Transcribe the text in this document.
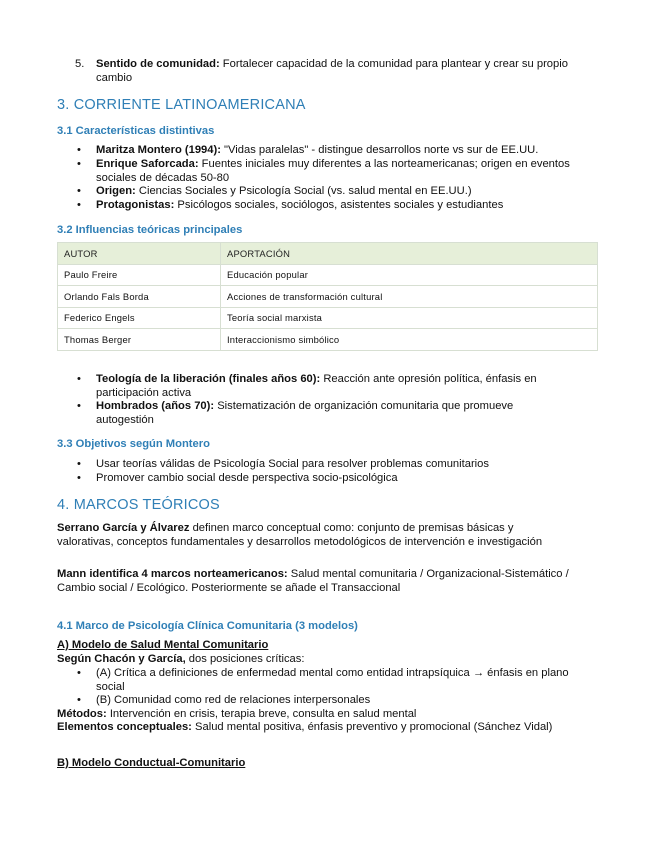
5. Sentido de comunidad: Fortalecer capacidad de la comunidad para plantear y crear su propio
cambio
3. CORRIENTE LATINOAMERICANA
3.1 Características distintivas
• Maritza Montero (1994): "Vidas paralelas" - distingue desarrollos norte vs sur de EE.UU.
• Enrique Saforcada: Fuentes iniciales muy diferentes a las norteamericanas; origen en eventos
sociales de décadas 50-80
• Origen: Ciencias Sociales y Psicología Social (vs. salud mental en EE.UU.)
• Protagonistas: Psicólogos sociales, sociólogos, asistentes sociales y estudiantes
3.2 Influencias teóricas principales
AUTOR	APORTACIÓN
Paulo Freire	Educación popular
Orlando Fals Borda	Acciones de transformación cultural
Federico Engels	Teoría social marxista
Thomas Berger	Interaccionismo simbólico
• Teología de la liberación (finales años 60): Reacción ante opresión política, énfasis en
participación activa
• Hombrados (años 70): Sistematización de organización comunitaria que promueve
autogestión
3.3 Objetivos según Montero
• Usar teorías válidas de Psicología Social para resolver problemas comunitarios
• Promover cambio social desde perspectiva socio-psicológica
4. MARCOS TEÓRICOS
Serrano García y Álvarez definen marco conceptual como: conjunto de premisas básicas y
valorativas, conceptos fundamentales y desarrollos metodológicos de intervención e investigación
Mann identifica 4 marcos norteamericanos: Salud mental comunitaria / Organizacional-Sistemático /
Cambio social / Ecológico. Posteriormente se añade el Transaccional
4.1 Marco de Psicología Clínica Comunitaria (3 modelos)
A) Modelo de Salud Mental Comunitario
Según Chacón y García, dos posiciones críticas:
• (A) Crítica a definiciones de enfermedad mental como entidad intrapsíquica → énfasis en plano
social
• (B) Comunidad como red de relaciones interpersonales
Métodos: Intervención en crisis, terapia breve, consulta en salud mental
Elementos conceptuales: Salud mental positiva, énfasis preventivo y promocional (Sánchez Vidal)
B) Modelo Conductual-Comunitario
